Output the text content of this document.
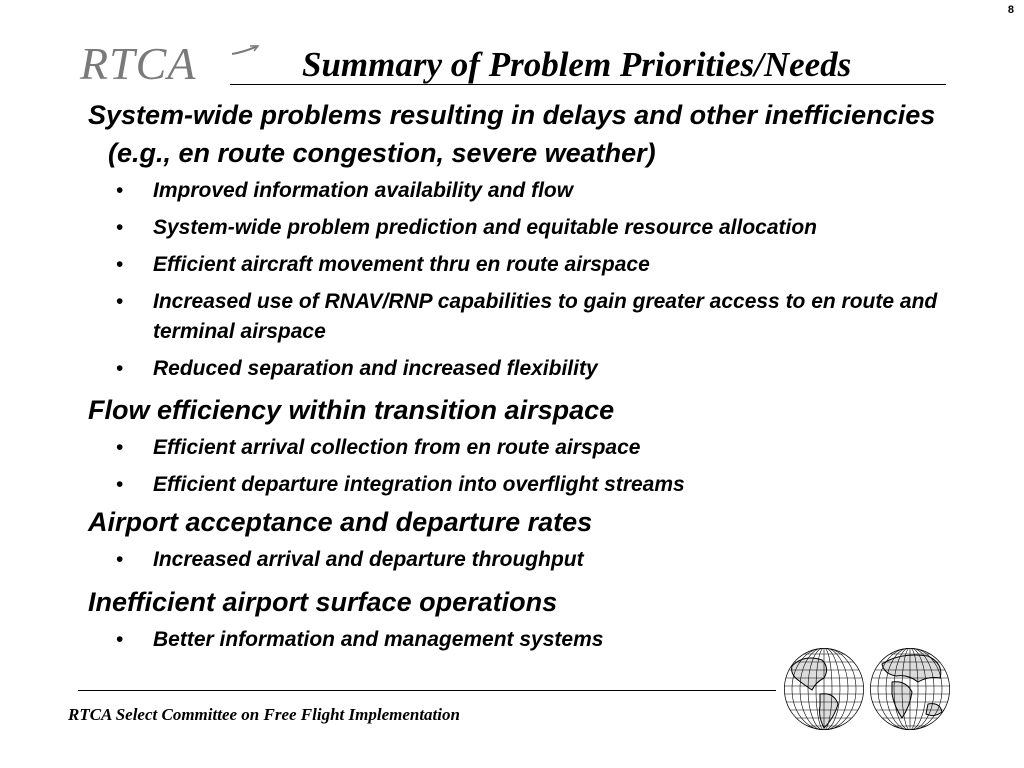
8
RTCA	Summary of Problem Priorities/Needs

System-wide problems resulting in delays and other inefficiencies (e.g., en route congestion, severe weather)

• Improved information availability and flow
• System-wide problem prediction and equitable resource allocation
• Efficient aircraft movement thru en route airspace
• Increased use of RNAV/RNP capabilities to gain greater access to en route and terminal airspace
• Reduced separation and increased flexibility

Flow efficiency within transition airspace

• Efficient arrival collection from en route airspace
• Efficient departure integration into overflight streams

Airport acceptance and departure rates

• Increased arrival and departure throughput

Inefficient airport surface operations

• Better information and management systems
RTCA Select Committee on Free Flight Implementation
